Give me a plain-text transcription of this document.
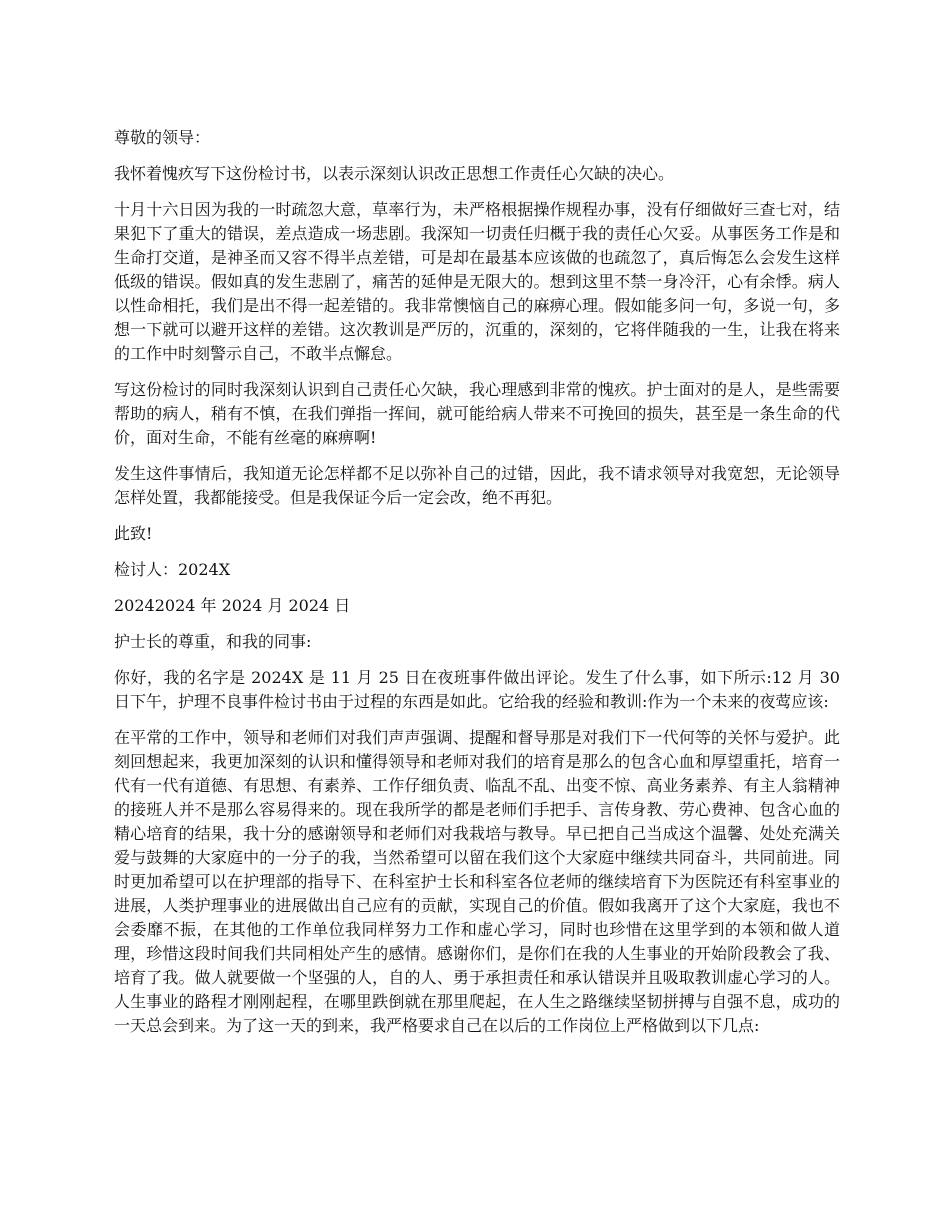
尊敬的领导：

我怀着愧疚写下这份检讨书，以表示深刻认识改正思想工作责任心欠缺的决心。

十月十六日因为我的一时疏忽大意，草率行为，未严格根据操作规程办事，没有仔细做好三查七对，结果犯下了重大的错误，差点造成一场悲剧。我深知一切责任归概于我的责任心欠妥。从事医务工作是和生命打交道，是神圣而又容不得半点差错，可是却在最基本应该做的也疏忽了，真后悔怎么会发生这样低级的错误。假如真的发生悲剧了，痛苦的延伸是无限大的。想到这里不禁一身冷汗，心有余悸。病人以性命相托，我们是出不得一起差错的。我非常懊恼自己的麻痹心理。假如能多问一句，多说一句，多想一下就可以避开这样的差错。这次教训是严厉的，沉重的，深刻的，它将伴随我的一生，让我在将来的工作中时刻警示自己，不敢半点懈怠。

写这份检讨的同时我深刻认识到自己责任心欠缺，我心理感到非常的愧疚。护士面对的是人，是些需要帮助的病人，稍有不慎，在我们弹指一挥间，就可能给病人带来不可挽回的损失，甚至是一条生命的代价，面对生命，不能有丝毫的麻痹啊!

发生这件事情后，我知道无论怎样都不足以弥补自己的过错，因此，我不请求领导对我宽恕，无论领导怎样处置，我都能接受。但是我保证今后一定会改，绝不再犯。

此致!

检讨人：2024X

20242024 年 2024 月 2024 日

护士长的尊重，和我的同事:

你好，我的名字是 2024X 是 11 月 25 日在夜班事件做出评论。发生了什么事，如下所示:12 月 30 日下午，护理不良事件检讨书由于过程的东西是如此。它给我的经验和教训:作为一个未来的夜莺应该:

在平常的工作中，领导和老师们对我们声声强调、提醒和督导那是对我们下一代何等的关怀与爱护。此刻回想起来，我更加深刻的认识和懂得领导和老师对我们的培育是那么的包含心血和厚望重托，培育一代有一代有道德、有思想、有素养、工作仔细负责、临乱不乱、出变不惊、高业务素养、有主人翁精神的接班人并不是那么容易得来的。现在我所学的都是老师们手把手、言传身教、劳心费神、包含心血的精心培育的结果，我十分的感谢领导和老师们对我栽培与教导。早已把自己当成这个温馨、处处充满关爱与鼓舞的大家庭中的一分子的我，当然希望可以留在我们这个大家庭中继续共同奋斗，共同前进。同时更加希望可以在护理部的指导下、在科室护士长和科室各位老师的继续培育下为医院还有科室事业的进展，人类护理事业的进展做出自己应有的贡献，实现自己的价值。假如我离开了这个大家庭，我也不会委靡不振，在其他的工作单位我同样努力工作和虚心学习，同时也珍惜在这里学到的本领和做人道理，珍惜这段时间我们共同相处产生的感情。感谢你们，是你们在我的人生事业的开始阶段教会了我、培育了我。做人就要做一个坚强的人，自的人、勇于承担责任和承认错误并且吸取教训虚心学习的人。人生事业的路程才刚刚起程，在哪里跌倒就在那里爬起，在人生之路继续坚韧拼搏与自强不息，成功的一天总会到来。为了这一天的到来，我严格要求自己在以后的工作岗位上严格做到以下几点:
